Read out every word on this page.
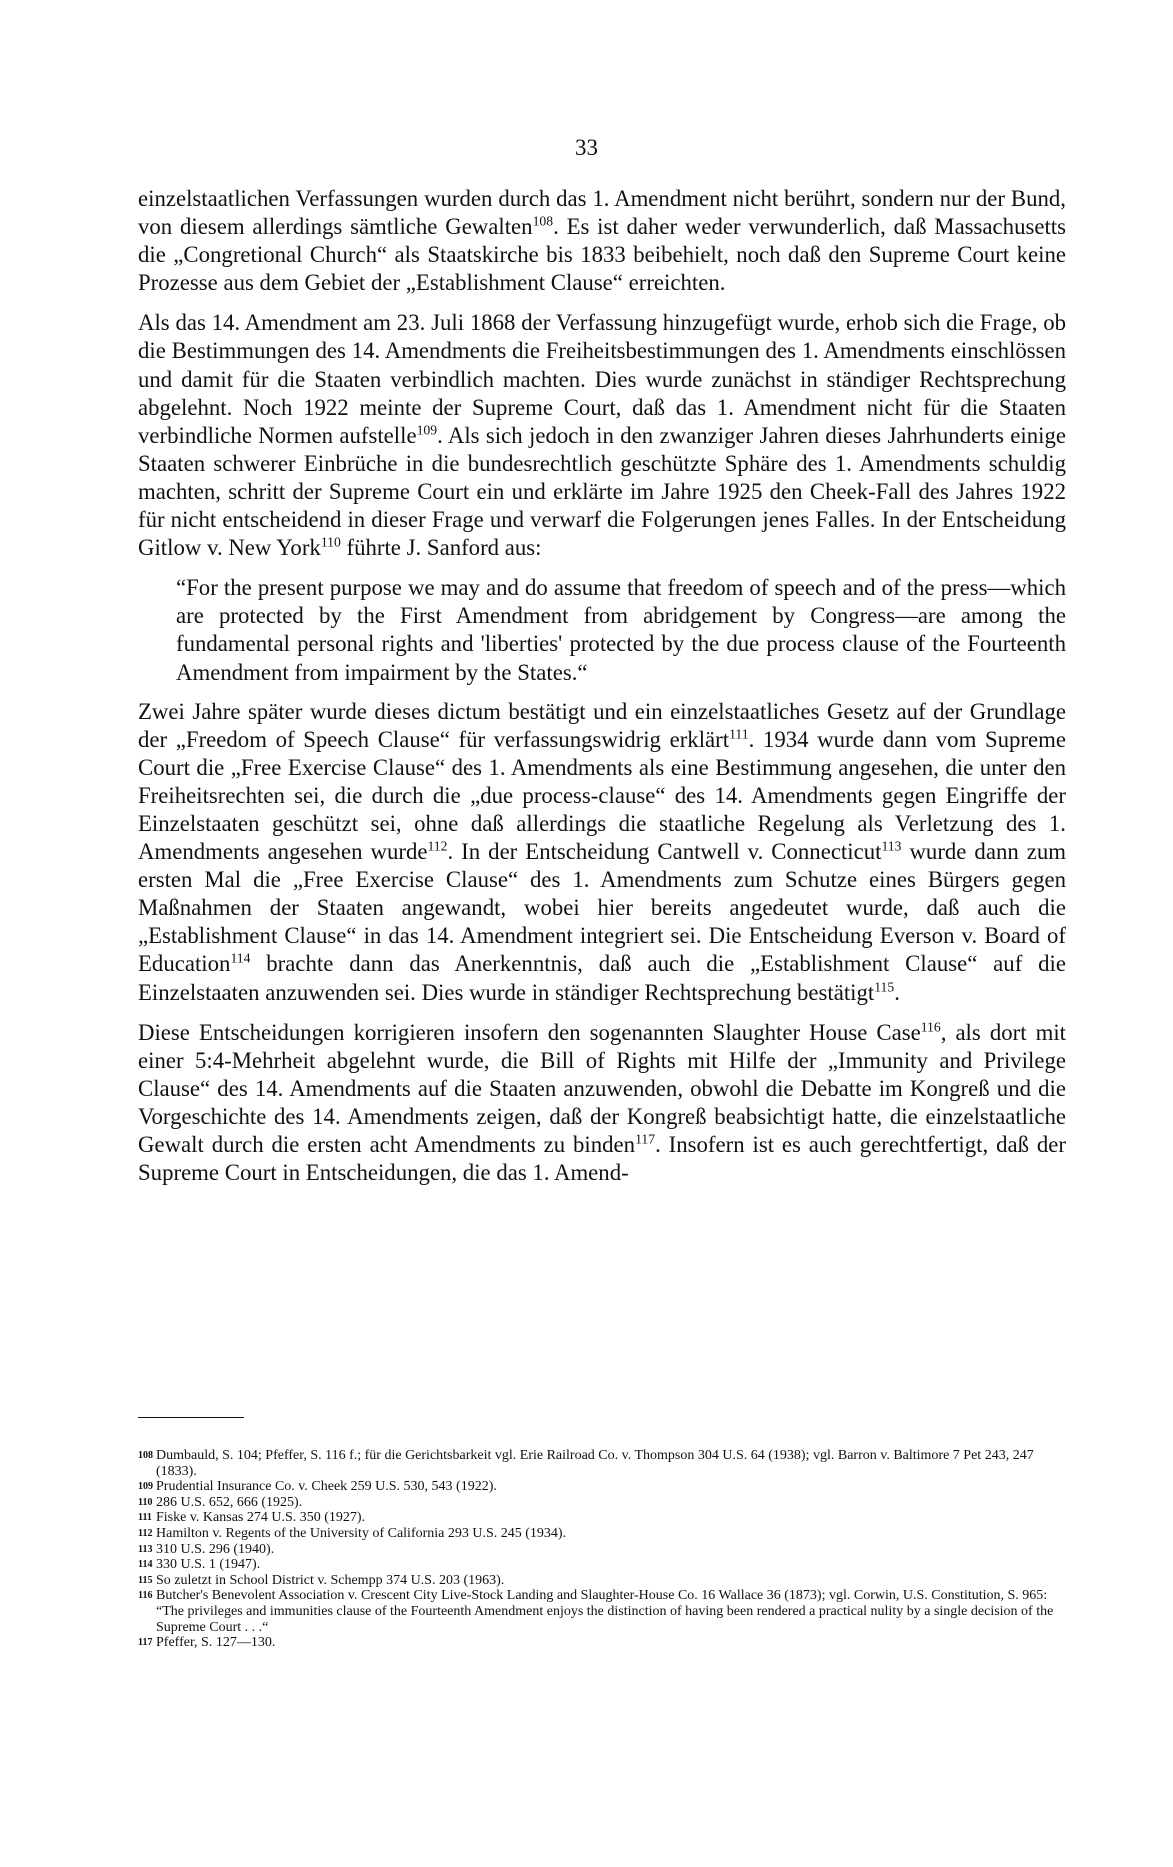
33

einzelstaatlichen Verfassungen wurden durch das 1. Amendment nicht berührt, sondern nur der Bund, von diesem allerdings sämtliche Gewalten$^{108}$. Es ist daher weder verwunderlich, daß Massachusetts die „Congretional Church“ als Staatskirche bis 1833 beibehielt, noch daß den Supreme Court keine Prozesse aus dem Gebiet der „Establishment Clause“ erreichten.

Als das 14. Amendment am 23. Juli 1868 der Verfassung hinzugefügt wurde, erhob sich die Frage, ob die Bestimmungen des 14. Amendments die Freiheitsbestimmungen des 1. Amendments einschlössen und damit für die Staaten verbindlich machten. Dies wurde zunächst in ständiger Rechtsprechung abgelehnt. Noch 1922 meinte der Supreme Court, daß das 1. Amendment nicht für die Staaten verbindliche Normen aufstelle$^{109}$. Als sich jedoch in den zwanziger Jahren dieses Jahrhunderts einige Staaten schwerer Einbrüche in die bundesrechtlich geschützte Sphäre des 1. Amendments schuldig machten, schritt der Supreme Court ein und erklärte im Jahre 1925 den Cheek-Fall des Jahres 1922 für nicht entscheidend in dieser Frage und verwarf die Folgerungen jenes Falles. In der Entscheidung Gitlow v. New York$^{110}$ führte J. Sanford aus:

“For the present purpose we may and do assume that freedom of speech and of the press—which are protected by the First Amendment from abridgement by Congress—are among the fundamental personal rights and 'liberties' protected by the due process clause of the Fourteenth Amendment from impairment by the States.“

Zwei Jahre später wurde dieses dictum bestätigt und ein einzelstaatliches Gesetz auf der Grundlage der „Freedom of Speech Clause“ für verfassungswidrig erklärt$^{111}$. 1934 wurde dann vom Supreme Court die „Free Exercise Clause“ des 1. Amendments als eine Bestimmung angesehen, die unter den Freiheitsrechten sei, die durch die „due process-clause“ des 14. Amendments gegen Eingriffe der Einzelstaaten geschützt sei, ohne daß allerdings die staatliche Regelung als Verletzung des 1. Amendments angesehen wurde$^{112}$. In der Entscheidung Cantwell v. Connecticut$^{113}$ wurde dann zum ersten Mal die „Free Exercise Clause“ des 1. Amendments zum Schutze eines Bürgers gegen Maßnahmen der Staaten angewandt, wobei hier bereits angedeutet wurde, daß auch die „Establishment Clause“ in das 14. Amendment integriert sei. Die Entscheidung Everson v. Board of Education$^{114}$ brachte dann das Anerkenntnis, daß auch die „Establishment Clause“ auf die Einzelstaaten anzuwenden sei. Dies wurde in ständiger Rechtsprechung bestätigt$^{115}$.

Diese Entscheidungen korrigieren insofern den sogenannten Slaughter House Case$^{116}$, als dort mit einer 5:4-Mehrheit abgelehnt wurde, die Bill of Rights mit Hilfe der „Immunity and Privilege Clause“ des 14. Amendments auf die Staaten anzuwenden, obwohl die Debatte im Kongreß und die Vorgeschichte des 14. Amendments zeigen, daß der Kongreß beabsichtigt hatte, die einzelstaatliche Gewalt durch die ersten acht Amendments zu binden$^{117}$. Insofern ist es auch gerechtfertigt, daß der Supreme Court in Entscheidungen, die das 1. Amend-

108 Dumbauld, S. 104; Pfeffer, S. 116 f.; für die Gerichtsbarkeit vgl. Erie Railroad Co. v. Thompson 304 U.S. 64 (1938); vgl. Barron v. Baltimore 7 Pet 243, 247 (1833).
109 Prudential Insurance Co. v. Cheek 259 U.S. 530, 543 (1922).
110 286 U.S. 652, 666 (1925).
111 Fiske v. Kansas 274 U.S. 350 (1927).
112 Hamilton v. Regents of the University of California 293 U.S. 245 (1934).
113 310 U.S. 296 (1940).
114 330 U.S. 1 (1947).
115 So zuletzt in School District v. Schempp 374 U.S. 203 (1963).
116 Butcher's Benevolent Association v. Crescent City Live-Stock Landing and Slaughter-House Co. 16 Wallace 36 (1873); vgl. Corwin, U.S. Constitution, S. 965: “The privileges and immunities clause of the Fourteenth Amendment enjoys the distinction of having been rendered a practical nulity by a single decision of the Supreme Court . . .“
117 Pfeffer, S. 127—130.
